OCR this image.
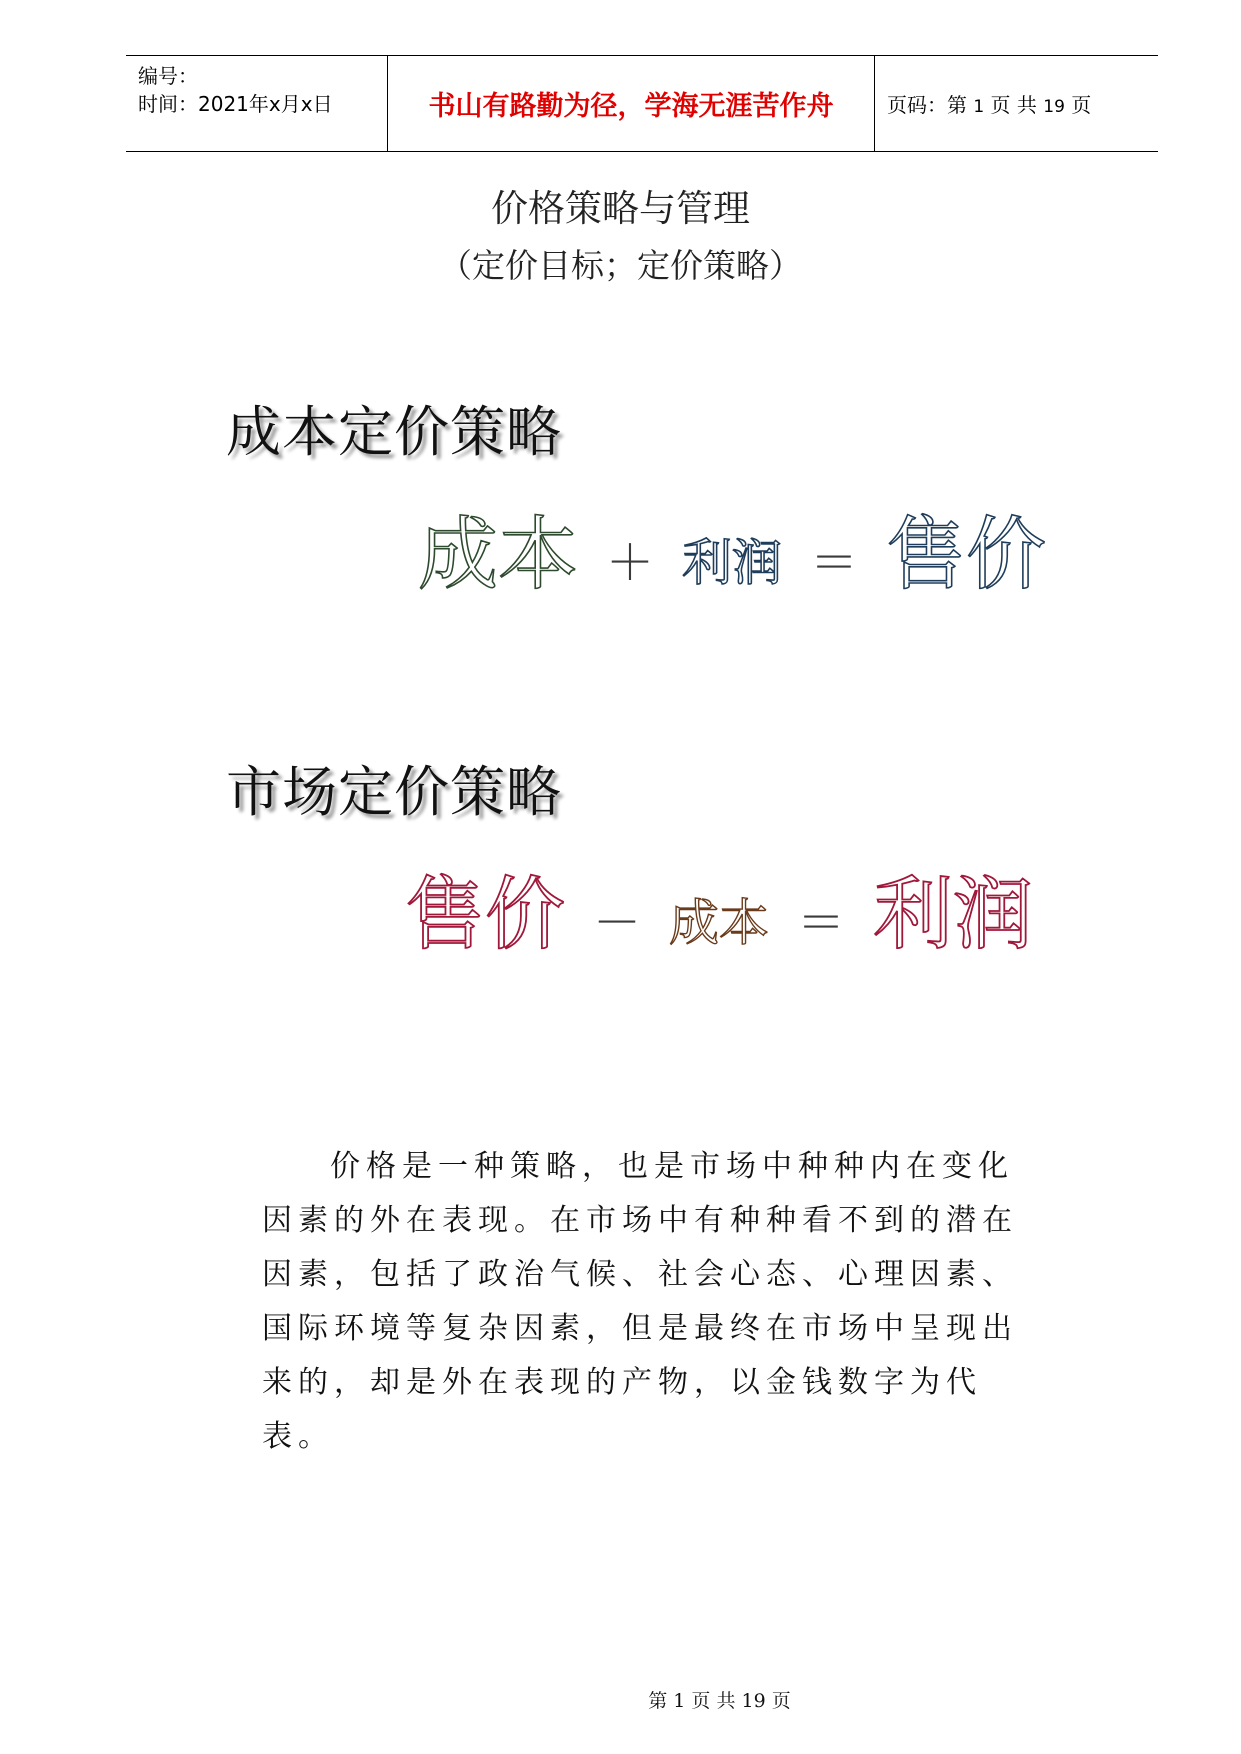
编号：
时间：2021年x月x日	书山有路勤为径，学海无涯苦作舟	页码：第 1 页 共 19 页
价格策略与管理
（定价目标；定价策略）
成本定价策略
成本 ＋ 利润 ＝ 售价
市场定价策略
售价 － 成本 ＝ 利润
价格是一种策略，也是市场中种种内在变化因素的外在表现。在市场中有种种看不到的潜在因素，包括了政治气候、社会心态、心理因素、国际环境等复杂因素，但是最终在市场中呈现出来的，却是外在表现的产物，以金钱数字为代表。
第 1 页 共 19 页
